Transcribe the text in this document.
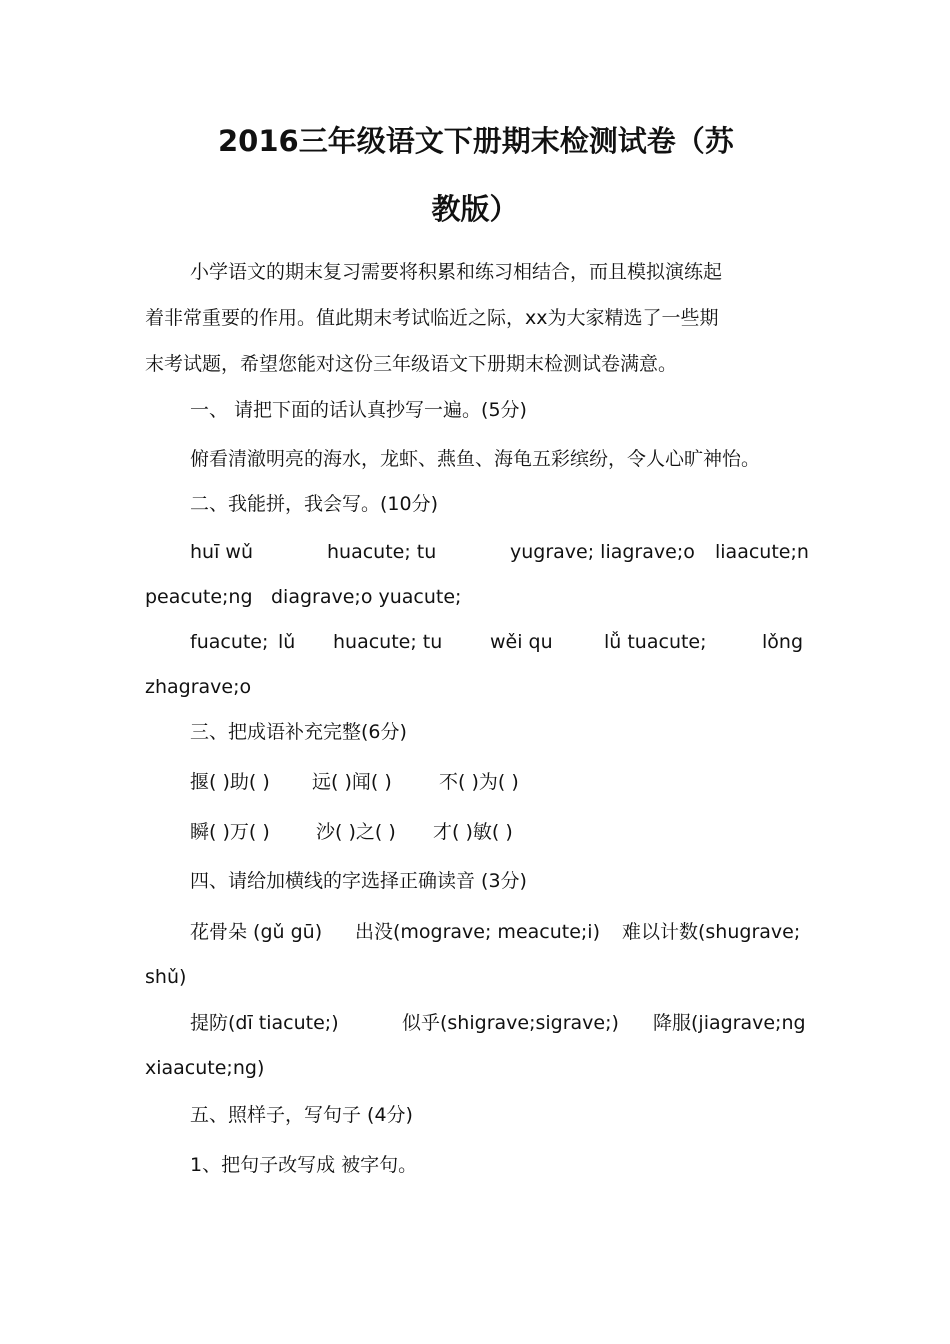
2016三年级语文下册期末检测试卷（苏
教版）
小学语文的期末复习需要将积累和练习相结合，而且模拟演练起
着非常重要的作用。值此期末考试临近之际，xx为大家精选了一些期
末考试题，希望您能对这份三年级语文下册期末检测试卷满意。
一、 请把下面的话认真抄写一遍。(5分)
俯看清澈明亮的海水，龙虾、燕鱼、海龟五彩缤纷，令人心旷神怡。
二、我能拼，我会写。(10分)
huī wǔ	huacute; tu	yugrave; liagrave;o liaacute;n
peacute;ng diagrave;o yuacute;
fuacute; lǔ huacute; tu	wěi qu	lǚ tuacute;	lǒng
zhagrave;o
三、把成语补充完整(6分)
揠( )助( ) 远( )闻( ) 不( )为( )
瞬( )万( ) 沙( )之( ) 才( )敏( )
四、请给加横线的字选择正确读音 (3分)
花骨朵 (gǔ gū) 出没(mograve; meacute;i) 难以计数(shugrave;
shǔ)
提防(dī tiacute;)	似乎(shigrave;sigrave;) 降服(jiagrave;ng
xiaacute;ng)
五、照样子，写句子 (4分)
1、把句子改写成 被字句。
